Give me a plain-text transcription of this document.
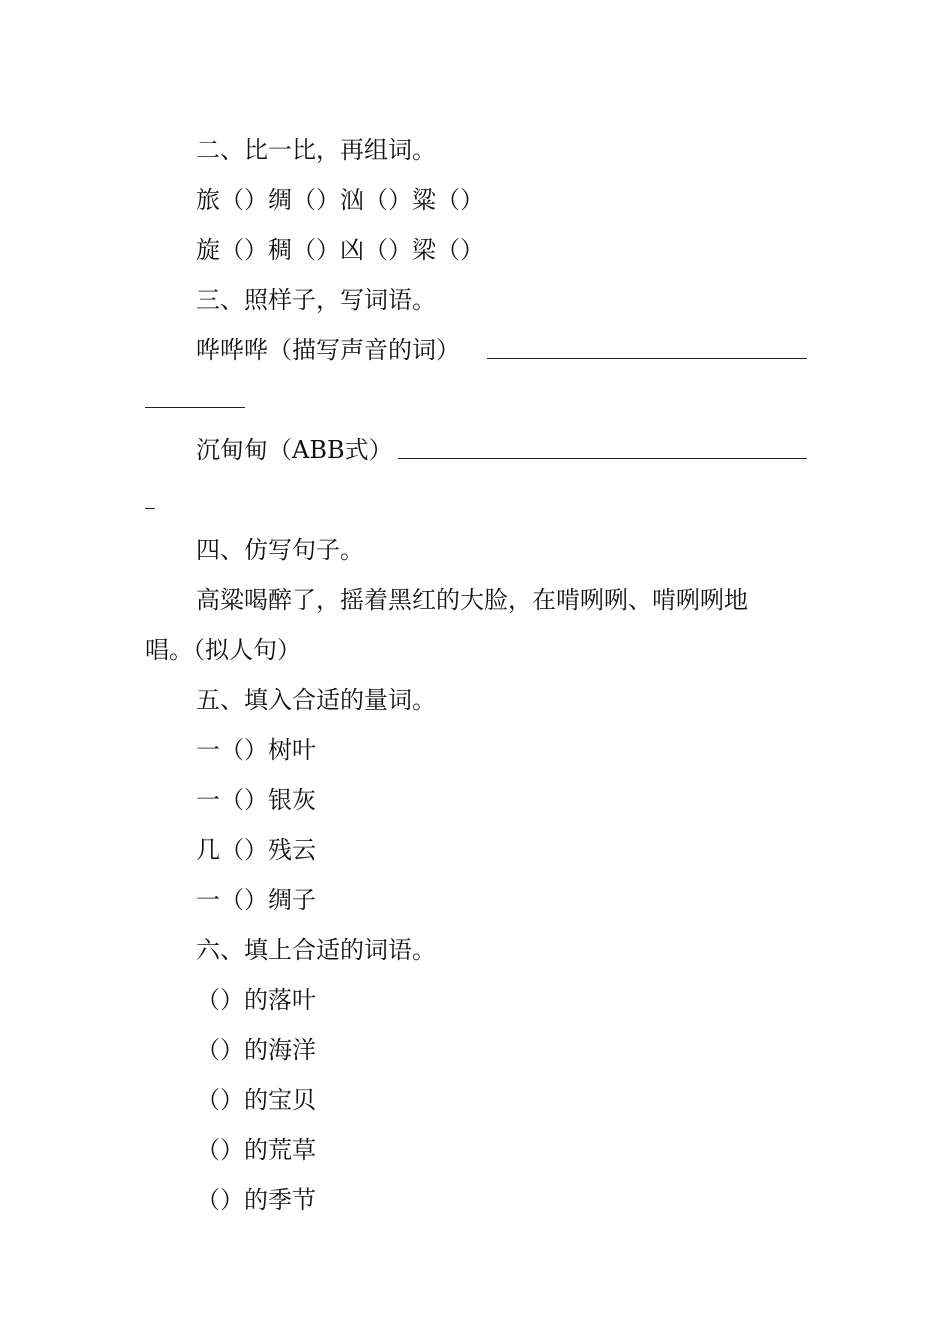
二、比一比，再组词。
旅（）绸（）汹（）粱（）
旋（）稠（）凶（）梁（）
三、照样子，写词语。
哗哗哗（描写声音的词）
沉甸甸（ABB式）
四、仿写句子。
高粱喝醉了，摇着黑红的大脸，在啃咧咧、啃咧咧地
唱。（拟人句）
五、填入合适的量词。
一（）树叶
一（）银灰
几（）残云
一（）绸子
六、填上合适的词语。
（）的落叶
（）的海洋
（）的宝贝
（）的荒草
（）的季节
